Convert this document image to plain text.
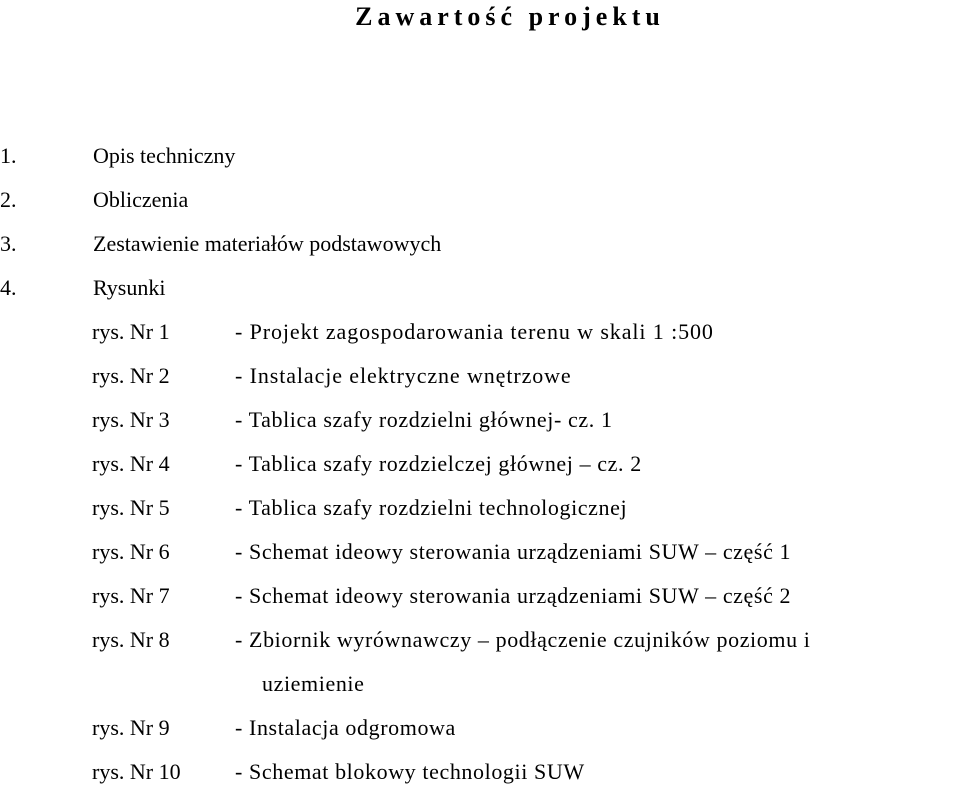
Zawartość projektu
1.	Opis techniczny
2.	Obliczenia
3.	Zestawienie materiałów podstawowych
4.	Rysunki
rys. Nr 1	- Projekt zagospodarowania terenu w skali 1 :500
rys. Nr 2	- Instalacje elektryczne wnętrzowe
rys. Nr 3	- Tablica szafy rozdzielni głównej- cz. 1
rys. Nr 4	- Tablica szafy rozdzielczej głównej – cz. 2
rys. Nr 5	- Tablica szafy rozdzielni technologicznej
rys. Nr 6	- Schemat ideowy sterowania urządzeniami SUW – część 1
rys. Nr 7	- Schemat ideowy sterowania urządzeniami SUW – część 2
rys. Nr 8	- Zbiornik wyrównawczy – podłączenie czujników poziomu i
uziemienie
rys. Nr 9	- Instalacja odgromowa
rys. Nr 10 - Schemat blokowy technologii SUW
